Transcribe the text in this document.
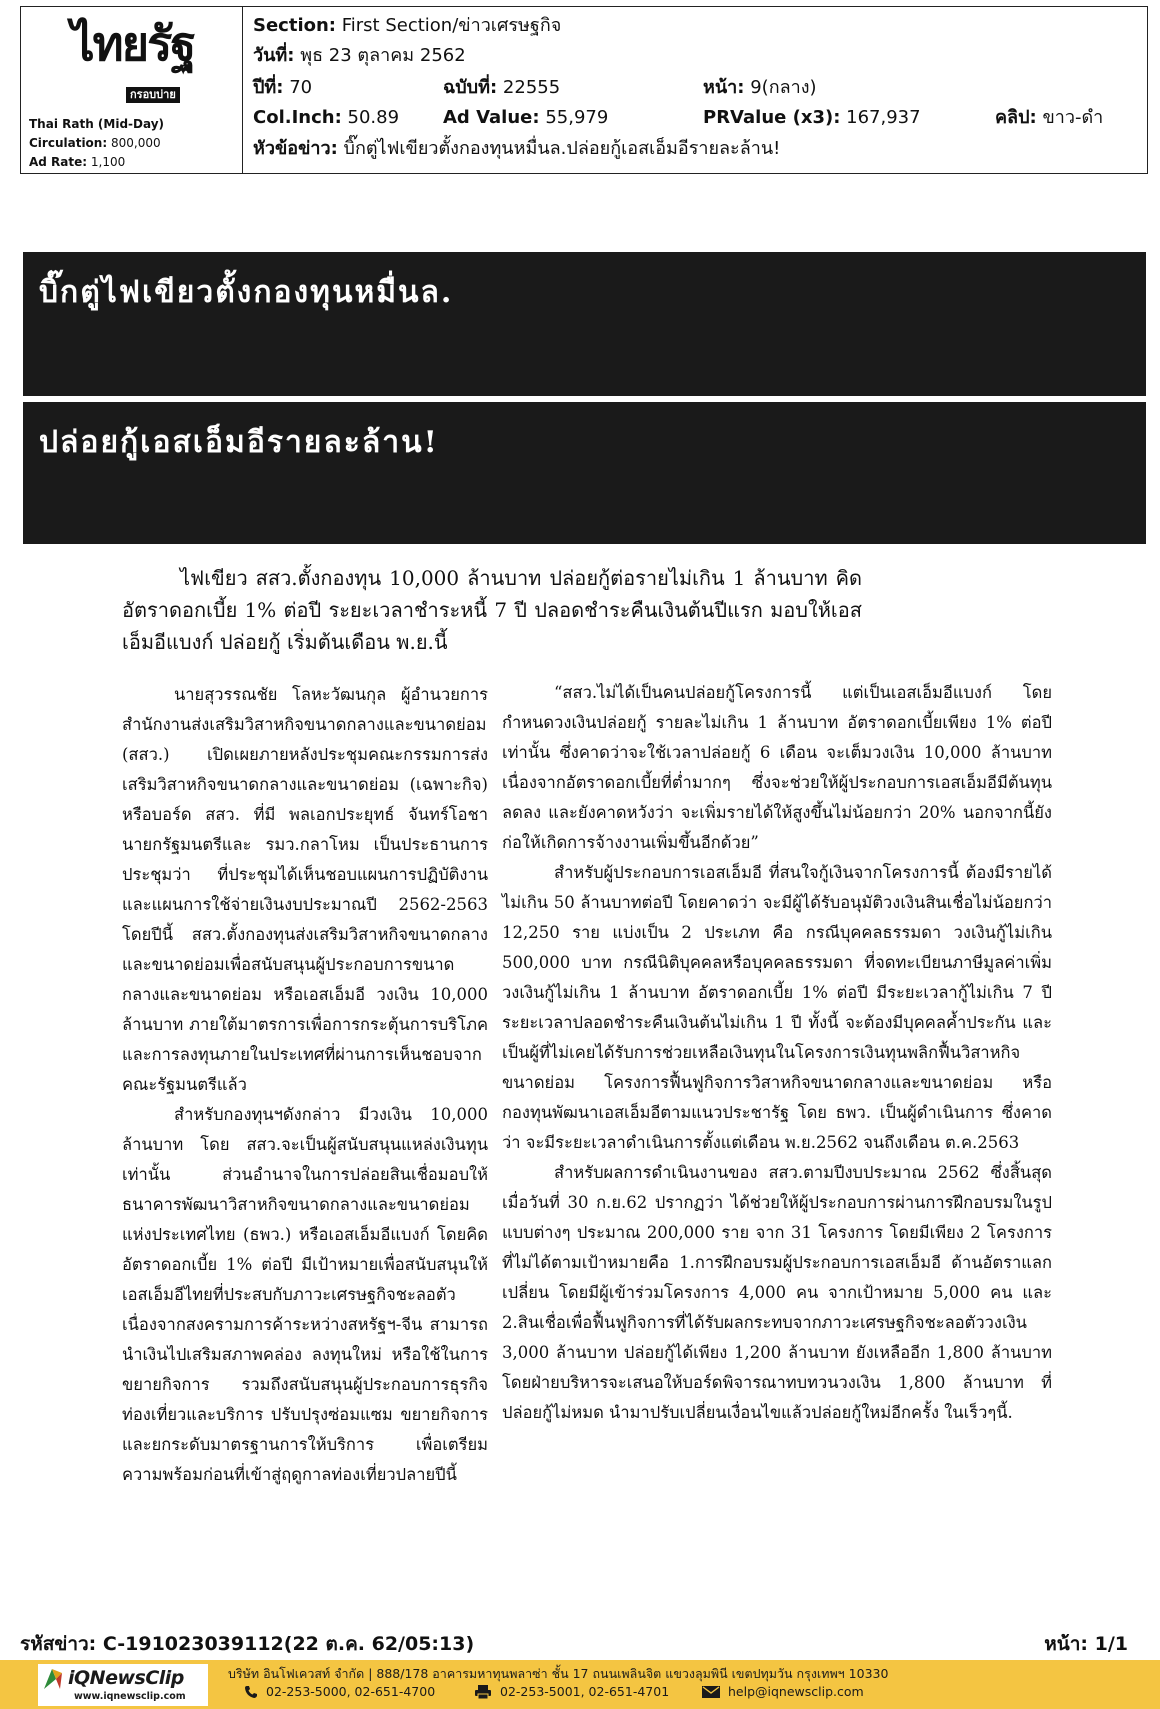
ไทยรัฐ
กรอบบ่าย
Thai Rath (Mid-Day)
Circulation: 800,000
Ad Rate: 1,100
Section: First Section/ข่าวเศรษฐกิจ
วันที่: พุธ 23 ตุลาคม 2562
ปีที่: 70	ฉบับที่: 22555	หน้า: 9(กลาง)
Col.Inch: 50.89 Ad Value: 55,979	PRValue (x3): 167,937	คลิป: ขาว-ดำ
หัวข้อข่าว: บิ๊กตู่ไฟเขียวตั้งกองทุนหมื่นล.ปล่อยกู้เอสเอ็มอีรายละล้าน!
บิ๊กตู่ไฟเขียวตั้งกองทุนหมื่นล.
ปล่อยกู้เอสเอ็มอีรายละล้าน!
ไฟเขียว สสว.ตั้งกองทุน 10,000 ล้านบาท ปล่อยกู้ต่อรายไม่เกิน 1 ล้านบาท คิดอัตราดอกเบี้ย 1% ต่อปี ระยะเวลาชำระหนี้ 7 ปี ปลอดชำระคืนเงินต้นปีแรก มอบให้เอสเอ็มอีแบงก์ ปล่อยกู้ เริ่มต้นเดือน พ.ย.นี้

นายสุวรรณชัย โลหะวัฒนกุล ผู้อำนวยการสำนักงานส่งเสริมวิสาหกิจขนาดกลางและขนาดย่อม (สสว.) เปิดเผยภายหลังประชุมคณะกรรมการส่งเสริมวิสาหกิจขนาดกลางและขนาดย่อม (เฉพาะกิจ) หรือบอร์ด สสว. ที่มี พลเอกประยุทธ์ จันทร์โอชา นายกรัฐมนตรีและ รมว.กลาโหม เป็นประธานการประชุมว่า ที่ประชุมได้เห็นชอบแผนการปฏิบัติงานและแผนการใช้จ่ายเงินงบประมาณปี 2562-2563 โดยปีนี้ สสว.ตั้งกองทุนส่งเสริมวิสาหกิจขนาดกลางและขนาดย่อมเพื่อสนับสนุนผู้ประกอบการขนาดกลางและขนาดย่อม หรือเอสเอ็มอี วงเงิน 10,000 ล้านบาท ภายใต้มาตรการเพื่อการกระตุ้นการบริโภคและการลงทุนภายในประเทศที่ผ่านการเห็นชอบจากคณะรัฐมนตรีแล้ว

สำหรับกองทุนฯดังกล่าว มีวงเงิน 10,000 ล้านบาท โดย สสว.จะเป็นผู้สนับสนุนแหล่งเงินทุนเท่านั้น ส่วนอำนาจในการปล่อยสินเชื่อมอบให้ธนาคารพัฒนาวิสาหกิจขนาดกลางและขนาดย่อมแห่งประเทศไทย (ธพว.) หรือเอสเอ็มอีแบงก์ โดยคิดอัตราดอกเบี้ย 1% ต่อปี มีเป้าหมายเพื่อสนับสนุนให้เอสเอ็มอีไทยที่ประสบกับภาวะเศรษฐกิจชะลอตัว เนื่องจากสงครามการค้าระหว่างสหรัฐฯ-จีน สามารถนำเงินไปเสริมสภาพคล่อง ลงทุนใหม่ หรือใช้ในการขยายกิจการ รวมถึงสนับสนุนผู้ประกอบการธุรกิจท่องเที่ยวและบริการ ปรับปรุงซ่อมแซม ขยายกิจการ และยกระดับมาตรฐานการให้บริการ เพื่อเตรียมความพร้อมก่อนที่เข้าสู่ฤดูกาลท่องเที่ยวปลายปีนี้

“สสว.ไม่ได้เป็นคนปล่อยกู้โครงการนี้ แต่เป็นเอสเอ็มอีแบงก์ โดยกำหนดวงเงินปล่อยกู้ รายละไม่เกิน 1 ล้านบาท อัตราดอกเบี้ยเพียง 1% ต่อปีเท่านั้น ซึ่งคาดว่าจะใช้เวลาปล่อยกู้ 6 เดือน จะเต็มวงเงิน 10,000 ล้านบาท เนื่องจากอัตราดอกเบี้ยที่ต่ำมากๆ ซึ่งจะช่วยให้ผู้ประกอบการเอสเอ็มอีมีต้นทุนลดลง และยังคาดหวังว่า จะเพิ่มรายได้ให้สูงขึ้นไม่น้อยกว่า 20% นอกจากนี้ยังก่อให้เกิดการจ้างงานเพิ่มขึ้นอีกด้วย”

สำหรับผู้ประกอบการเอสเอ็มอี ที่สนใจกู้เงินจากโครงการนี้ ต้องมีรายได้ไม่เกิน 50 ล้านบาทต่อปี โดยคาดว่า จะมีผู้ได้รับอนุมัติวงเงินสินเชื่อไม่น้อยกว่า 12,250 ราย แบ่งเป็น 2 ประเภท คือ กรณีบุคคลธรรมดา วงเงินกู้ไม่เกิน 500,000 บาท กรณีนิติบุคคลหรือบุคคลธรรมดา ที่จดทะเบียนภาษีมูลค่าเพิ่ม วงเงินกู้ไม่เกิน 1 ล้านบาท อัตราดอกเบี้ย 1% ต่อปี มีระยะเวลากู้ไม่เกิน 7 ปี ระยะเวลาปลอดชำระคืนเงินต้นไม่เกิน 1 ปี ทั้งนี้ จะต้องมีบุคคลค้ำประกัน และเป็นผู้ที่ไม่เคยได้รับการช่วยเหลือเงินทุนในโครงการเงินทุนพลิกฟื้นวิสาหกิจขนาดย่อม โครงการฟื้นฟูกิจการวิสาหกิจขนาดกลางและขนาดย่อม หรือกองทุนพัฒนาเอสเอ็มอีตามแนวประชารัฐ โดย ธพว. เป็นผู้ดำเนินการ ซึ่งคาดว่า จะมีระยะเวลาดำเนินการตั้งแต่เดือน พ.ย.2562 จนถึงเดือน ต.ค.2563

สำหรับผลการดำเนินงานของ สสว.ตามปีงบประมาณ 2562 ซึ่งสิ้นสุดเมื่อวันที่ 30 ก.ย.62 ปรากฏว่า ได้ช่วยให้ผู้ประกอบการผ่านการฝึกอบรมในรูปแบบต่างๆ ประมาณ 200,000 ราย จาก 31 โครงการ โดยมีเพียง 2 โครงการที่ไม่ได้ตามเป้าหมายคือ 1.การฝึกอบรมผู้ประกอบการเอสเอ็มอี ด้านอัตราแลกเปลี่ยน โดยมีผู้เข้าร่วมโครงการ 4,000 คน จากเป้าหมาย 5,000 คน และ 2.สินเชื่อเพื่อฟื้นฟูกิจการที่ได้รับผลกระทบจากภาวะเศรษฐกิจชะลอตัววงเงิน 3,000 ล้านบาท ปล่อยกู้ได้เพียง 1,200 ล้านบาท ยังเหลืออีก 1,800 ล้านบาท โดยฝ่ายบริหารจะเสนอให้บอร์ดพิจารณาทบทวนวงเงิน 1,800 ล้านบาท ที่ปล่อยกู้ไม่หมด นำมาปรับเปลี่ยนเงื่อนไขแล้วปล่อยกู้ใหม่อีกครั้ง ในเร็วๆนี้.

รหัสข่าว: C-191023039112(22 ต.ค. 62/05:13)	หน้า: 1/1
iQNewsClip
www.iqnewsclip.com
บริษัท อินโฟเควสท์ จำกัด | 888/178 อาคารมหาทุนพลาซ่า ชั้น 17 ถนนเพลินจิต แขวงลุมพินี เขตปทุมวัน กรุงเทพฯ 10330
02-253-5000, 02-651-4700	02-253-5001, 02-651-4701	help@iqnewsclip.com
